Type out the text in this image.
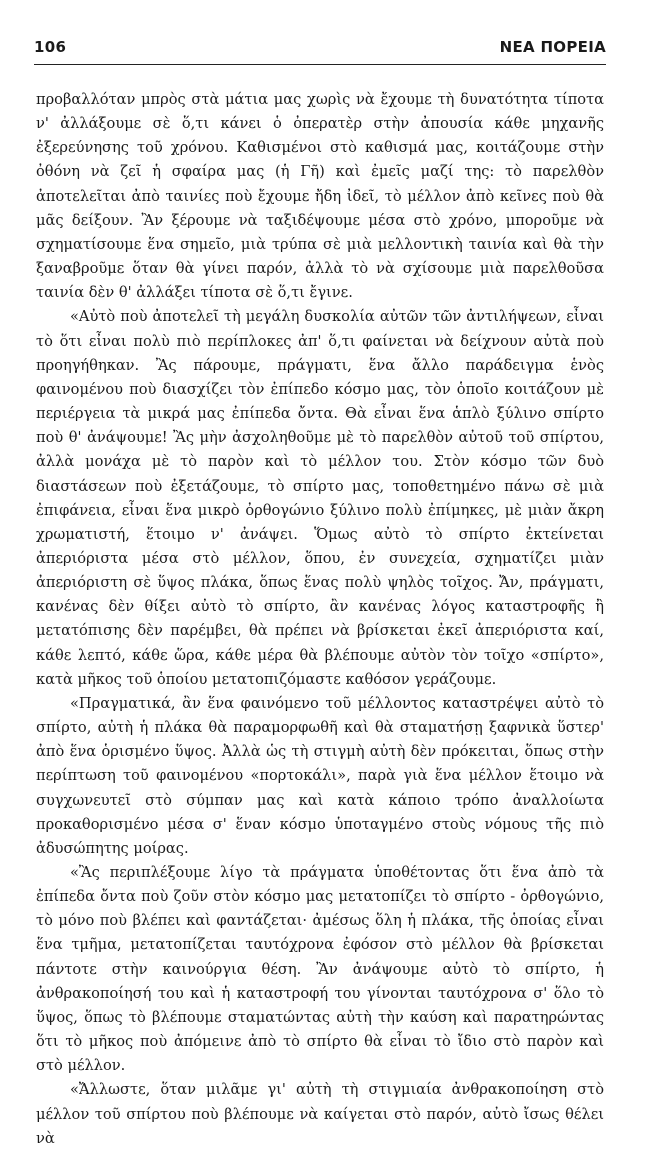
106	ΝΕΑ ΠΟΡΕΙΑ

προβαλλόταν μπρὸς στὰ μάτια μας χωρὶς νὰ ἔχουμε τὴ δυνατότητα τίποτα ν' ἀλλάξουμε σὲ ὅ,τι κάνει ὁ ὀπερατὲρ στὴν ἀπουσία κάθε μηχανῆς ἐξερεύνησης τοῦ χρόνου. Καθισμένοι στὸ καθισμά μας, κοιτάζουμε στὴν ὀθόνη νὰ ζεῖ ἡ σφαίρα μας (ἡ Γῆ) καὶ ἐμεῖς μαζί της: τὸ παρελθὸν ἀποτελεῖται ἀπὸ ταινίες ποὺ ἔχουμε ἤδη ἰδεῖ, τὸ μέλλον ἀπὸ κεῖνες ποὺ θὰ μᾶς δείξουν. Ἂν ξέρουμε νὰ ταξιδέψουμε μέσα στὸ χρόνο, μποροῦμε νὰ σχηματίσουμε ἕνα σημεῖο, μιὰ τρύπα σὲ μιὰ μελλοντικὴ ταινία καὶ θὰ τὴν ξαναβροῦμε ὅταν θὰ γίνει παρόν, ἀλλὰ τὸ νὰ σχίσουμε μιὰ παρελθοῦσα ταινία δὲν θ' ἀλλάξει τίποτα σὲ ὅ,τι ἔγινε.

«Αὐτὸ ποὺ ἀποτελεῖ τὴ μεγάλη δυσκολία αὐτῶν τῶν ἀντιλήψεων, εἶναι τὸ ὅτι εἶναι πολὺ πιὸ περίπλοκες ἀπ' ὅ,τι φαίνεται νὰ δείχνουν αὐτὰ ποὺ προηγήθηκαν. Ἂς πάρουμε, πράγματι, ἕνα ἄλλο παράδειγμα ἑνὸς φαινομένου ποὺ διασχίζει τὸν ἐπίπεδο κόσμο μας, τὸν ὁποῖο κοιτάζουν μὲ περιέργεια τὰ μικρά μας ἐπίπεδα ὄντα. Θὰ εἶναι ἕνα ἁπλὸ ξύλινο σπίρτο ποὺ θ' ἀνάψουμε! Ἂς μὴν ἀσχοληθοῦμε μὲ τὸ παρελθὸν αὐτοῦ τοῦ σπίρτου, ἀλλὰ μονάχα μὲ τὸ παρὸν καὶ τὸ μέλλον του. Στὸν κόσμο τῶν δυὸ διαστάσεων ποὺ ἐξετάζουμε, τὸ σπίρτο μας, τοποθετημένο πάνω σὲ μιὰ ἐπιφάνεια, εἶναι ἕνα μικρὸ ὀρθογώνιο ξύλινο πολὺ ἐπίμηκες, μὲ μιὰν ἄκρη χρωματιστή, ἕτοιμο ν' ἀνάψει. Ὅμως αὐτὸ τὸ σπίρτο ἐκτείνεται ἀπεριόριστα μέσα στὸ μέλλον, ὅπου, ἐν συνεχεία, σχηματίζει μιὰν ἀπεριόριστη σὲ ὕψος πλάκα, ὅπως ἕνας πολὺ ψηλὸς τοῖχος. Ἄν, πράγματι, κανένας δὲν θίξει αὐτὸ τὸ σπίρτο, ἂν κανένας λόγος καταστροφῆς ἢ μετατόπισης δὲν παρέμβει, θὰ πρέπει νὰ βρίσκεται ἐκεῖ ἀπεριόριστα καί, κάθε λεπτό, κάθε ὥρα, κάθε μέρα θὰ βλέπουμε αὐτὸν τὸν τοῖχο «σπίρτο», κατὰ μῆκος τοῦ ὁποίου μετατοπιζόμαστε καθόσον γεράζουμε.

«Πραγματικά, ἂν ἕνα φαινόμενο τοῦ μέλλοντος καταστρέψει αὐτὸ τὸ σπίρτο, αὐτὴ ἡ πλάκα θὰ παραμορφωθῆ καὶ θὰ σταματήσῃ ξαφνικὰ ὕστερ' ἀπὸ ἕνα ὁρισμένο ὕψος. Ἀλλὰ ὡς τὴ στιγμὴ αὐτὴ δὲν πρόκειται, ὅπως στὴν περίπτωση τοῦ φαινομένου «πορτοκάλι», παρὰ γιὰ ἕνα μέλλον ἕτοιμο νὰ συγχωνευτεῖ στὸ σύμπαν μας καὶ κατὰ κάποιο τρόπο ἀναλλοίωτα προκαθορισμένο μέσα σ' ἕναν κόσμο ὑποταγμένο στοὺς νόμους τῆς πιὸ ἀδυσώπητης μοίρας.

«Ἂς περιπλέξουμε λίγο τὰ πράγματα ὑποθέτοντας ὅτι ἕνα ἀπὸ τὰ ἐπίπεδα ὄντα ποὺ ζοῦν στὸν κόσμο μας μετατοπίζει τὸ σπίρτο - ὀρθογώνιο, τὸ μόνο ποὺ βλέπει καὶ φαντάζεται· ἀμέσως ὅλη ἡ πλάκα, τῆς ὁποίας εἶναι ἕνα τμῆμα, μετατοπίζεται ταυτόχρονα ἐφόσον στὸ μέλλον θὰ βρίσκεται πάντοτε στὴν καινούργια θέση. Ἂν ἀνάψουμε αὐτὸ τὸ σπίρτο, ἡ ἀνθρακοποίησή του καὶ ἡ καταστροφή του γίνονται ταυτόχρονα σ' ὅλο τὸ ὕψος, ὅπως τὸ βλέπουμε σταματώντας αὐτὴ τὴν καύση καὶ παρατηρώντας ὅτι τὸ μῆκος ποὺ ἀπόμεινε ἀπὸ τὸ σπίρτο θὰ εἶναι τὸ ἴδιο στὸ παρὸν καὶ στὸ μέλλον.

«Ἄλλωστε, ὅταν μιλᾶμε γι' αὐτὴ τὴ στιγμιαία ἀνθρακοποίηση στὸ μέλλον τοῦ σπίρτου ποὺ βλέπουμε νὰ καίγεται στὸ παρόν, αὐτὸ ἴσως θέλει νὰ
